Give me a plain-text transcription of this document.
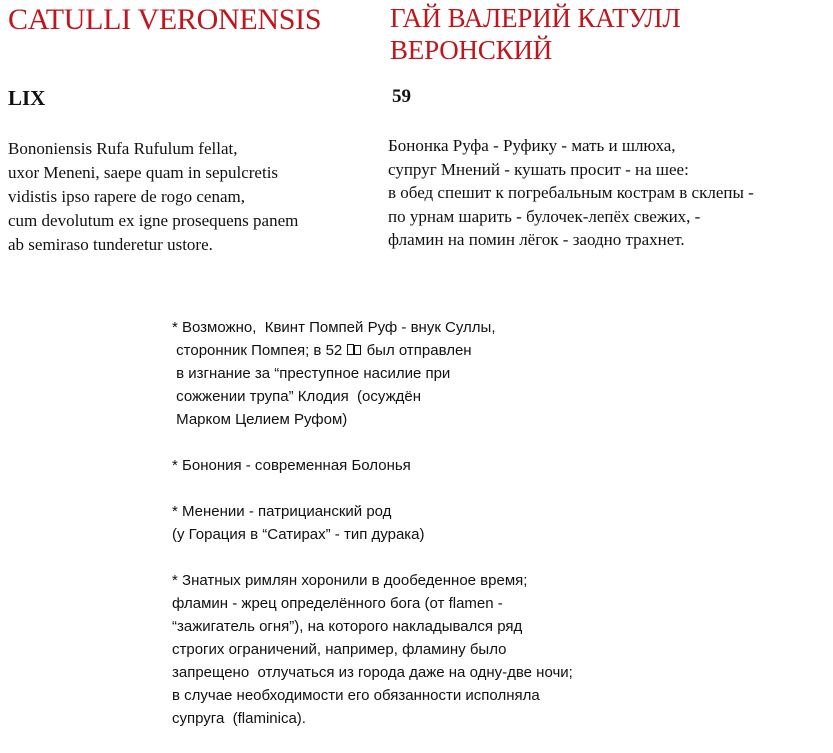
CATULLI VERONENSIS

LIX

Bononiensis Rufa Rufulum fellat,
uxor Meneni, saepe quam in sepulcretis
vidistis ipso rapere de rogo cenam,
cum devolutum ex igne prosequens panem
ab semiraso tunderetur ustore.
ГАЙ ВАЛЕРИЙ КАТУЛЛ ВЕРОНСКИЙ

59

Бононка Руфа - Руфику - мать и шлюха,
супруг Мнений - кушать просит - на шее:
в обед спешит к погребальным кострам в склепы -
по урнам шарить - булочек-лепёх свежих, -
фламин на помин лёгок - заодно трахнет.
* Возможно,  Квинт Помпей Руф - внук Суллы,
сторонник Помпея; в 52  был отправлен
в изгнание за “преступное насилие при
сожжении трупа” Клодия  (осуждён
Марком Целием Руфом)
* Бонония - современная Болонья
* Менении - патрицианский род
(у Горация в “Сатирах” - тип дурака)
* Знатных римлян хоронили в дообеденное время;
фламин - жрец определённого бога (от flamen -
“зажигатель огня”), на которого накладывался ряд
строгих ограничений, например, фламину было
запрещено  отлучаться из города даже на одну-две ночи;
в случае необходимости его обязанности исполняла
супруга  (flaminica).
